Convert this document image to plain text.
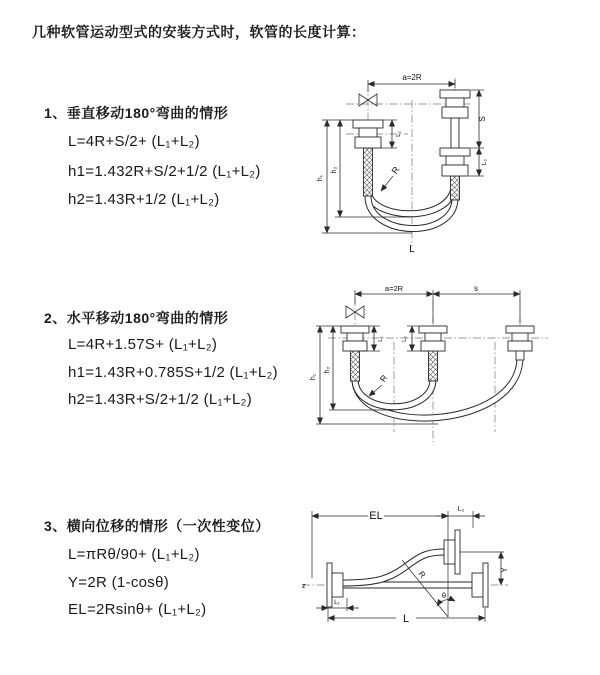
几种软管运动型式的安装方式时，软管的长度计算：
1、垂直移动180°弯曲的情形
L=4R+S/2+ (L₁+L₂)
h1=1.432R+S/2+1/2 (L₁+L₂)
h2=1.43R+1/2 (L₁+L₂)
2、水平移动180°弯曲的情形
L=4R+1.57S+ (L₁+L₂)
h1=1.43R+0.785S+1/2 (L₁+L₂)
h2=1.43R+S/2+1/2 (L₁+L₂)
3、横向位移的情形（一次性变位）
L=πRθ/90+ (L₁+L₂)
Y=2R (1-cosθ)
EL=2Rsinθ+ (L₁+L₂)
a=2R
S
L₂
L₁
h₁
h₂	R
L
a=2R	s
L₁	L₂
h₁
h₂
R
z
EL
L₂
Y
L
L₁
R
θ
